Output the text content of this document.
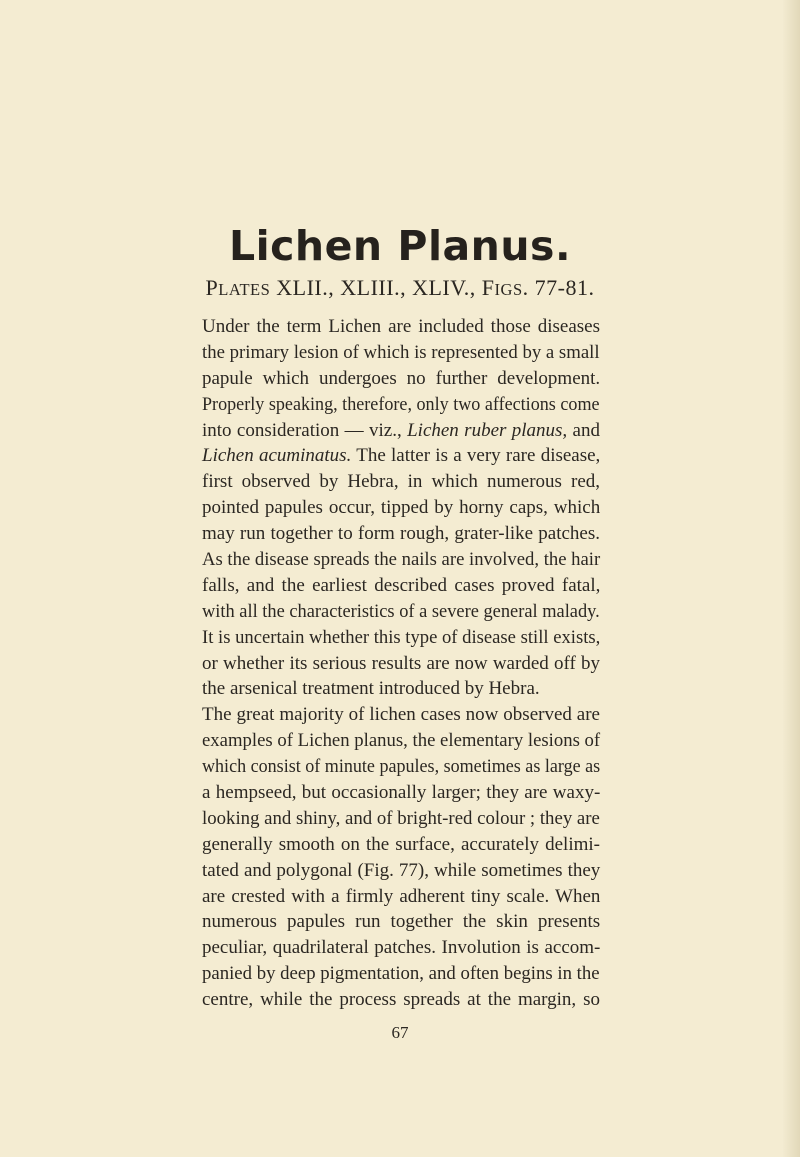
Lichen Planus.
PLATES XLII., XLIII., XLIV., FIGS. 77-81.
Under the term Lichen are included those diseases
the primary lesion of which is represented by a small
papule which undergoes no further development.
Properly speaking, therefore, only two affections come
into consideration — viz., Lichen ruber planus, and
Lichen acuminatus. The latter is a very rare disease,
first observed by Hebra, in which numerous red,
pointed papules occur, tipped by horny caps, which
may run together to form rough, grater-like patches.
As the disease spreads the nails are involved, the hair
falls, and the earliest described cases proved fatal,
with all the characteristics of a severe general malady.
It is uncertain whether this type of disease still exists,
or whether its serious results are now warded off by
the arsenical treatment introduced by Hebra.
The great majority of lichen cases now observed are
examples of Lichen planus, the elementary lesions of
which consist of minute papules, sometimes as large as
a hempseed, but occasionally larger; they are waxy-
looking and shiny, and of bright-red colour ; they are
generally smooth on the surface, accurately delimi-
tated and polygonal (Fig. 77), while sometimes they
are crested with a firmly adherent tiny scale. When
numerous papules run together the skin presents
peculiar, quadrilateral patches. Involution is accom-
panied by deep pigmentation, and often begins in the
centre, while the process spreads at the margin, so
67
